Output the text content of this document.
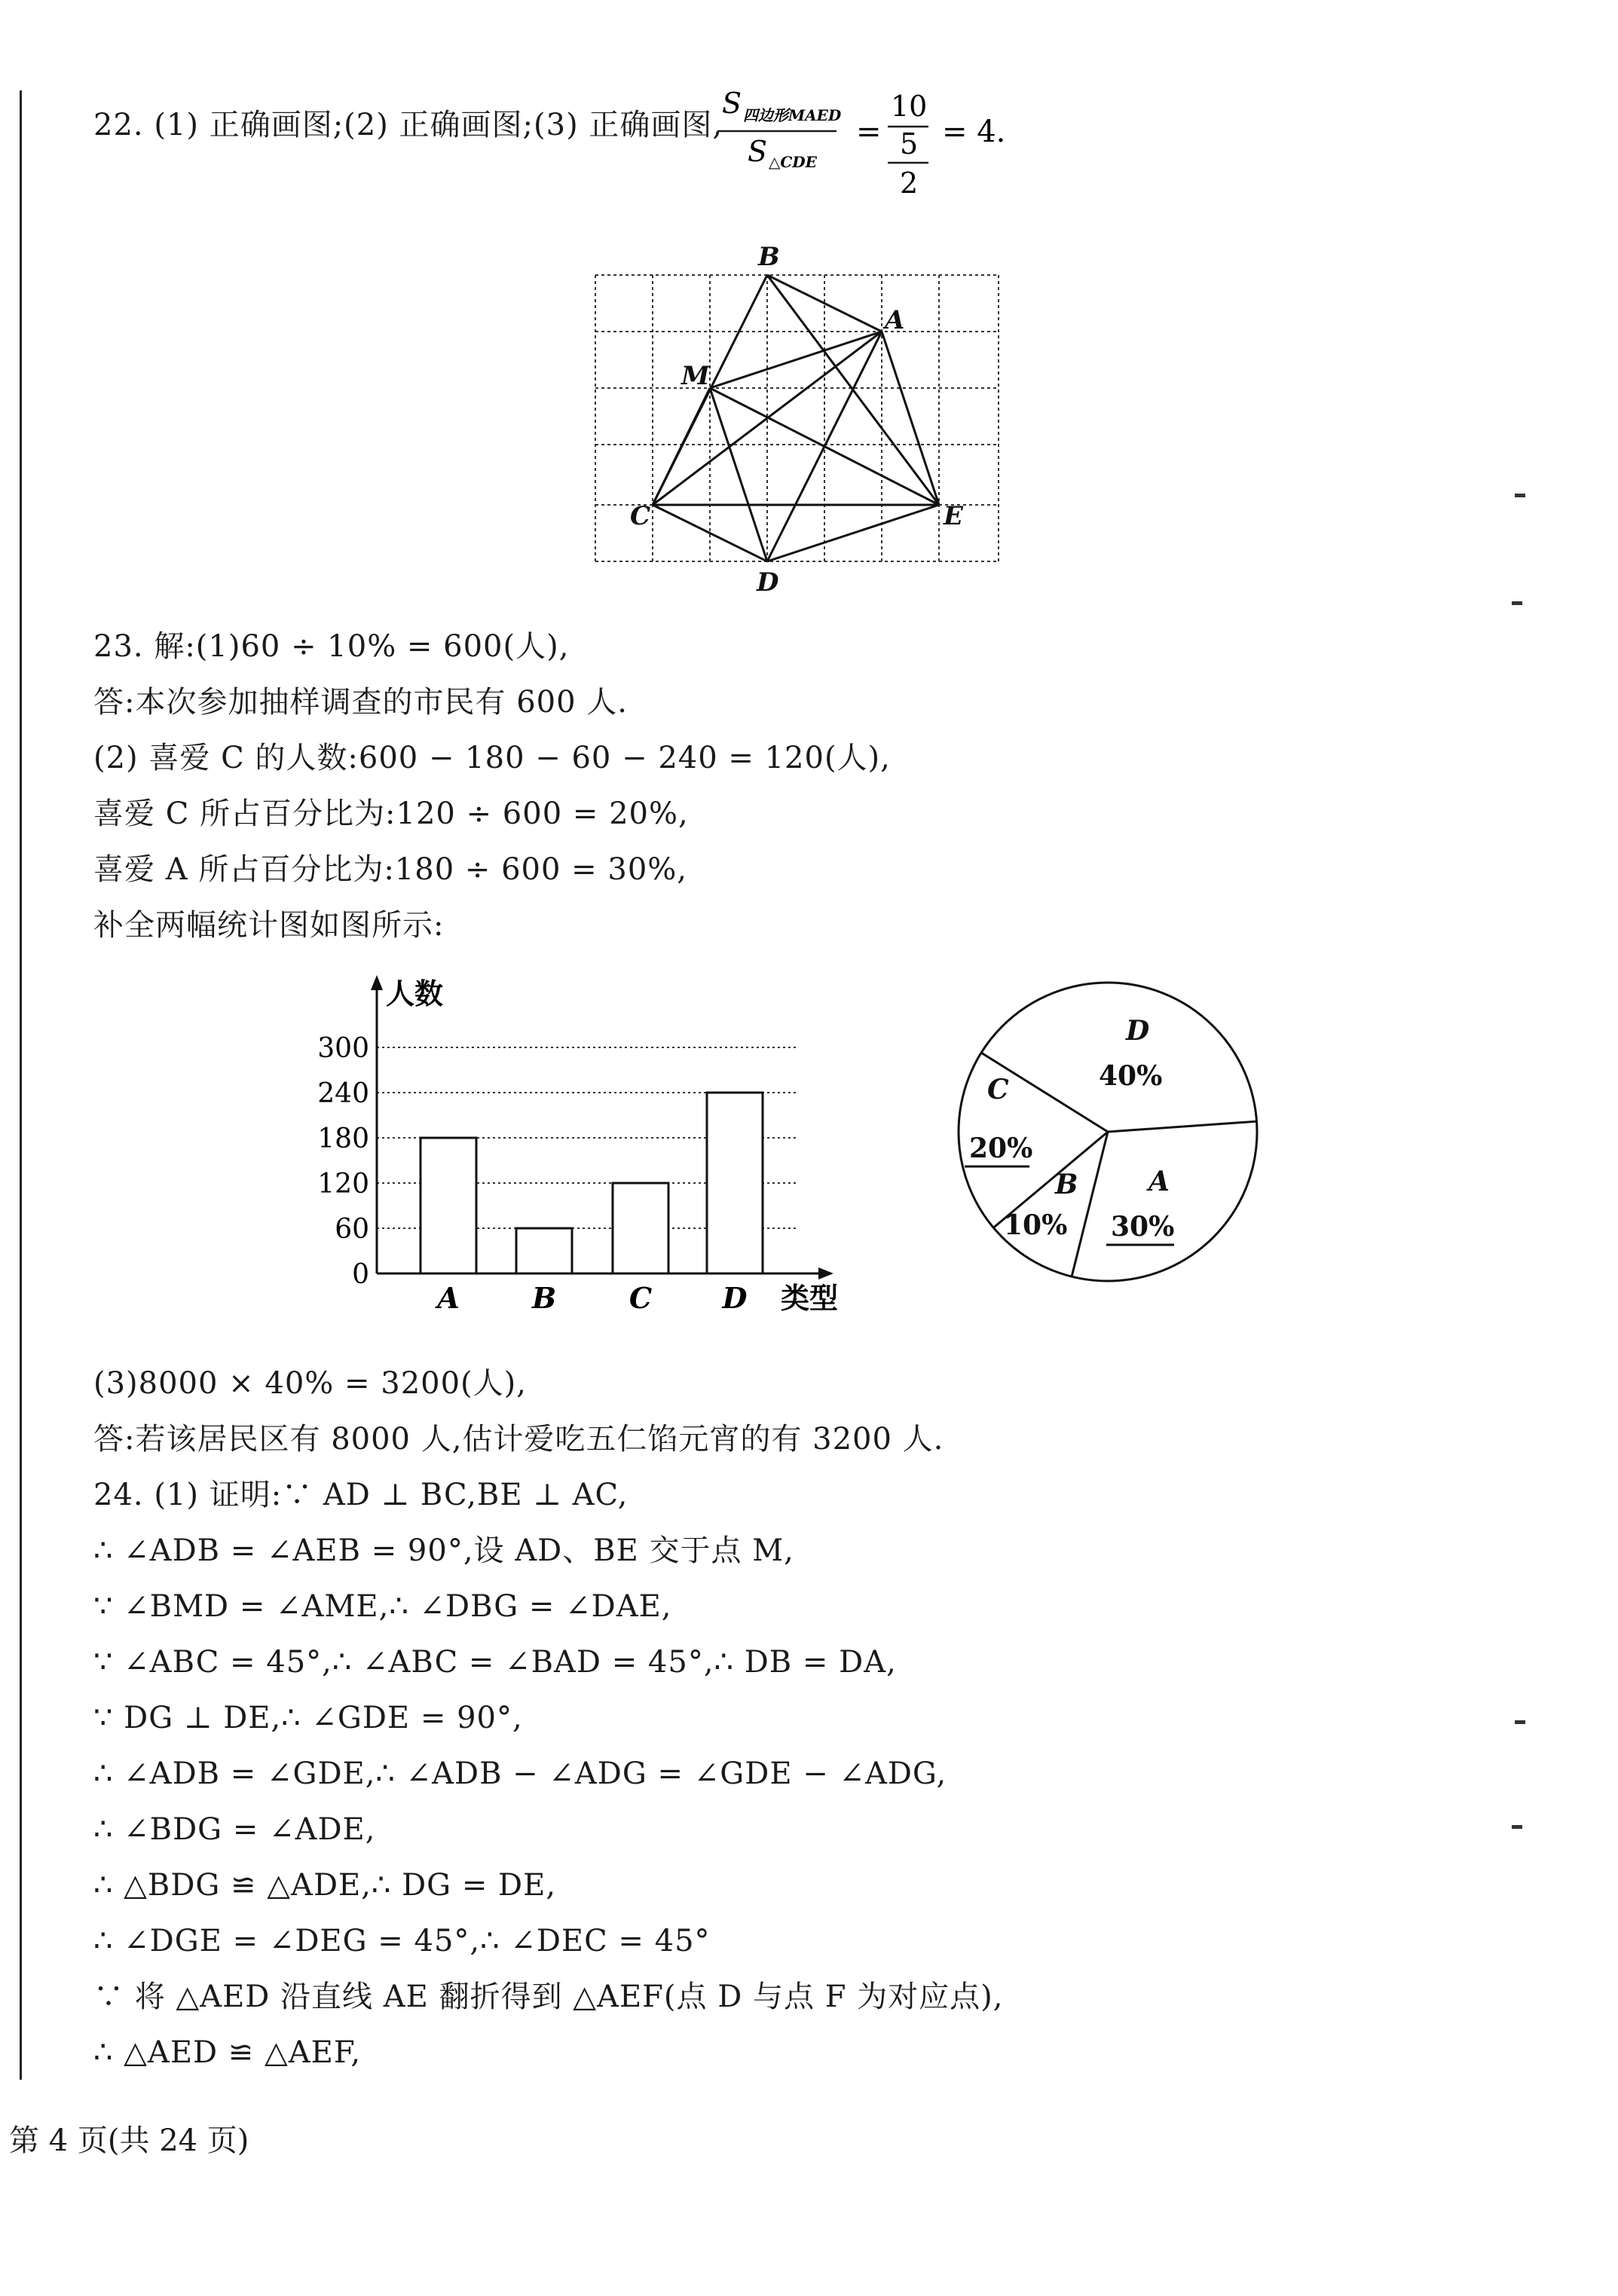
22. (1) 正确画图;(2) 正确画图;(3) 正确画图,
S 四边形MAED
S △CDE
=
10
5
2
= 4.
B
A
M
C	E
D
23. 解:(1)60 ÷ 10% = 600(人),
答:本次参加抽样调查的市民有 600 人.
(2) 喜爱 C 的人数:600 − 180 − 60 − 240 = 120(人),
喜爱 C 所占百分比为:120 ÷ 600 = 20%,
喜爱 A 所占百分比为:180 ÷ 600 = 30%,
补全两幅统计图如图所示:
人数
类型
0
60
120
180
240
300
A	B	C D
D
40%
A
30%
B
10%
C
20%
(3)8000 × 40% = 3200(人),
答:若该居民区有 8000 人,估计爱吃五仁馅元宵的有 3200 人.
24. (1) 证明:∵ AD ⊥ BC,BE ⊥ AC,
∴ ∠ADB = ∠AEB = 90°,设 AD、BE 交于点 M,
∵ ∠BMD = ∠AME,∴ ∠DBG = ∠DAE,
∵ ∠ABC = 45°,∴ ∠ABC = ∠BAD = 45°,∴ DB = DA,
∵ DG ⊥ DE,∴ ∠GDE = 90°,
∴ ∠ADB = ∠GDE,∴ ∠ADB − ∠ADG = ∠GDE − ∠ADG,
∴ ∠BDG = ∠ADE,
∴ △BDG ≌ △ADE,∴ DG = DE,
∴ ∠DGE = ∠DEG = 45°,∴ ∠DEC = 45°
∵ 将 △AED 沿直线 AE 翻折得到 △AEF(点 D 与点 F 为对应点),
∴ △AED ≌ △AEF,
第 4 页(共 24 页)
